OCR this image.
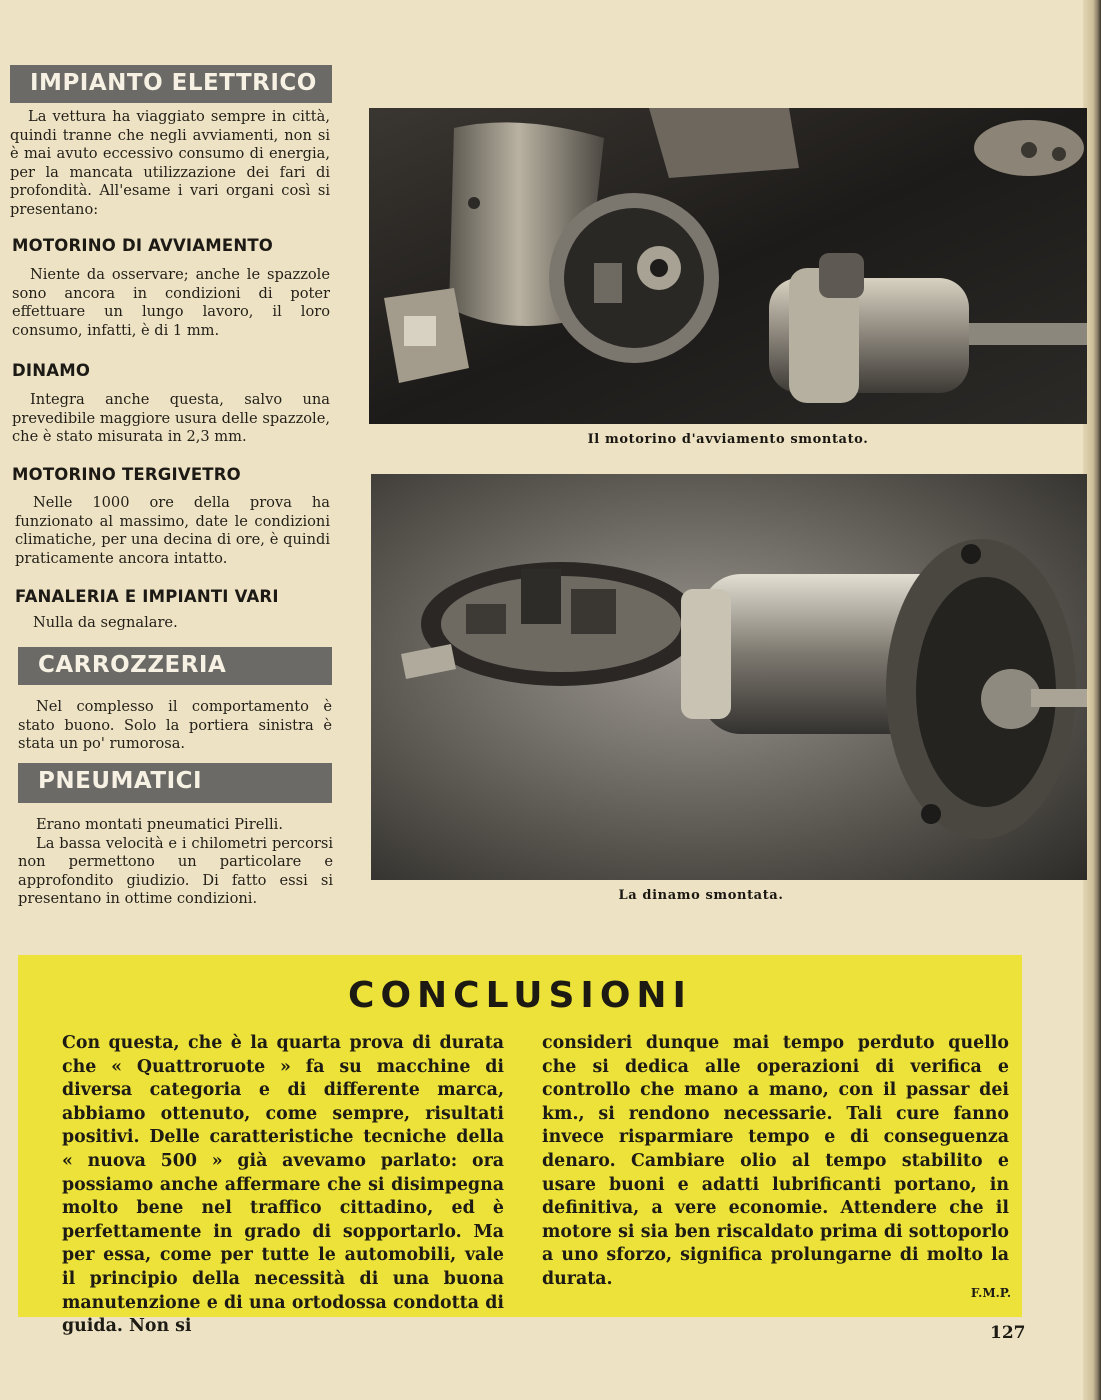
IMPIANTO ELETTRICO

La vettura ha viaggiato sempre in città, quindi tranne che negli avviamenti, non si è mai avuto eccessivo consumo di energia, per la mancata utilizzazione dei fari di profondità. All'esame i vari organi così si presentano:

MOTORINO DI AVVIAMENTO

Niente da osservare; anche le spazzole sono ancora in condizioni di poter effettuare un lungo lavoro, il loro consumo, infatti, è di 1 mm.

DINAMO

Integra anche questa, salvo una prevedibile maggiore usura delle spazzole, che è stato misurata in 2,3 mm.

MOTORINO TERGIVETRO

Nelle 1000 ore della prova ha funzionato al massimo, date le condizioni climatiche, per una decina di ore, è quindi praticamente ancora intatto.

FANALERIA E IMPIANTI VARI

Nulla da segnalare.

CARROZZERIA

Nel complesso il comportamento è stato buono. Solo la portiera sinistra è stata un po' rumorosa.

PNEUMATICI

Erano montati pneumatici Pirelli.
La bassa velocità e i chilometri percorsi non permettono un particolare e approfondito giudizio. Di fatto essi si presentano in ottime condizioni.

Il motorino d'avviamento smontato.
La dinamo smontata.
CONCLUSIONI

Con questa, che è la quarta prova di durata che « Quattroruote » fa su macchine di diversa categoria e di differente marca, abbiamo ottenuto, come sempre, risultati positivi. Delle caratteristiche tecniche della « nuova 500 » già avevamo parlato: ora possiamo anche affermare che si disimpegna molto bene nel traffico cittadino, ed è perfettamente in grado di sopportarlo. Ma per essa, come per tutte le automobili, vale il principio della necessità di una buona manutenzione e di una ortodossa condotta di guida. Non si

consideri dunque mai tempo perduto quello che si dedica alle operazioni di verifica e controllo che mano a mano, con il passar dei km., si rendono necessarie. Tali cure fanno invece risparmiare tempo e di conseguenza denaro. Cambiare olio al tempo stabilito e usare buoni e adatti lubrificanti portano, in definitiva, a vere economie. Attendere che il motore si sia ben riscaldato prima di sottoporlo a uno sforzo, significa prolungarne di molto la durata.

F.M.P.
127
